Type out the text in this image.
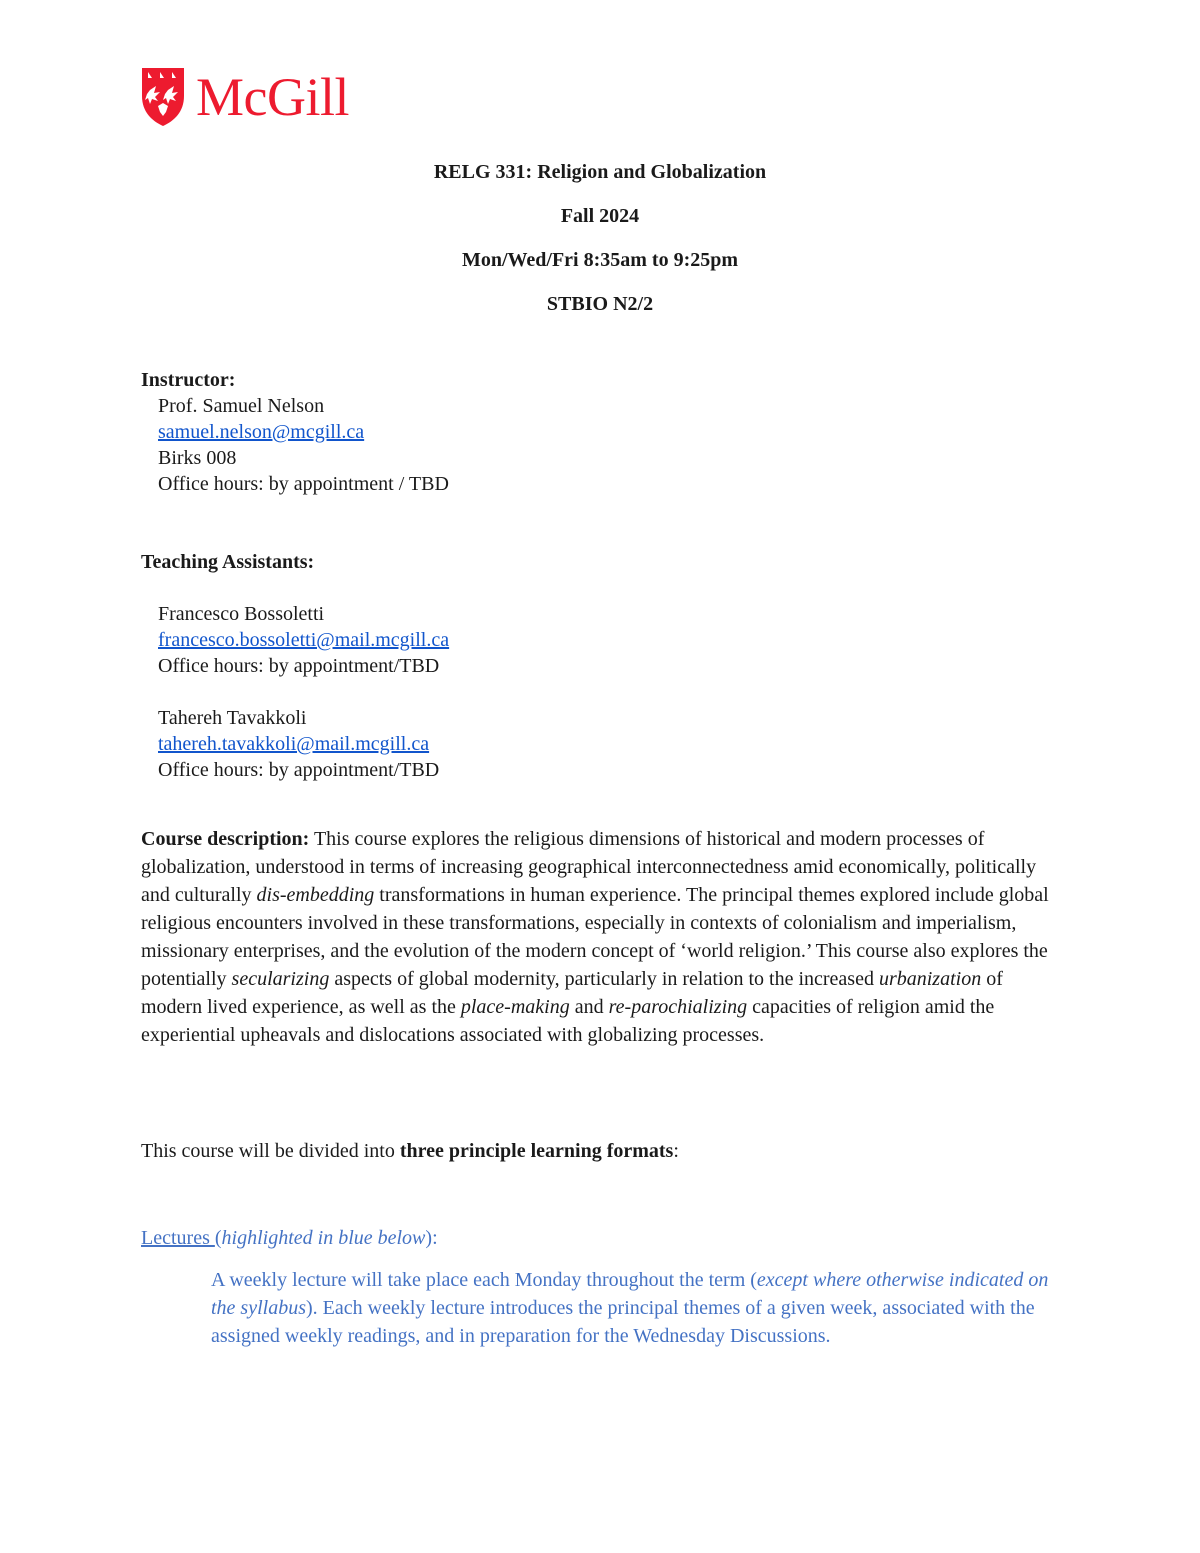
McGill
RELG 331: Religion and Globalization
Fall 2024
Mon/Wed/Fri 8:35am to 9:25pm
STBIO N2/2
Instructor:
Prof. Samuel Nelson
samuel.nelson@mcgill.ca
Birks 008
Office hours: by appointment / TBD
Teaching Assistants:
Francesco Bossoletti
francesco.bossoletti@mail.mcgill.ca
Office hours: by appointment/TBD
Tahereh Tavakkoli
tahereh.tavakkoli@mail.mcgill.ca
Office hours: by appointment/TBD
Course description: This course explores the religious dimensions of historical and modern processes of globalization, understood in terms of increasing geographical interconnectedness amid economically, politically and culturally dis-embedding transformations in human experience. The principal themes explored include global religious encounters involved in these transformations, especially in contexts of colonialism and imperialism, missionary enterprises, and the evolution of the modern concept of ‘world religion.’ This course also explores the potentially secularizing aspects of global modernity, particularly in relation to the increased urbanization of modern lived experience, as well as the place-making and re-parochializing capacities of religion amid the experiential upheavals and dislocations associated with globalizing processes.
This course will be divided into three principle learning formats:
Lectures (highlighted in blue below):
A weekly lecture will take place each Monday throughout the term (except where otherwise indicated on the syllabus). Each weekly lecture introduces the principal themes of a given week, associated with the assigned weekly readings, and in preparation for the Wednesday Discussions.
